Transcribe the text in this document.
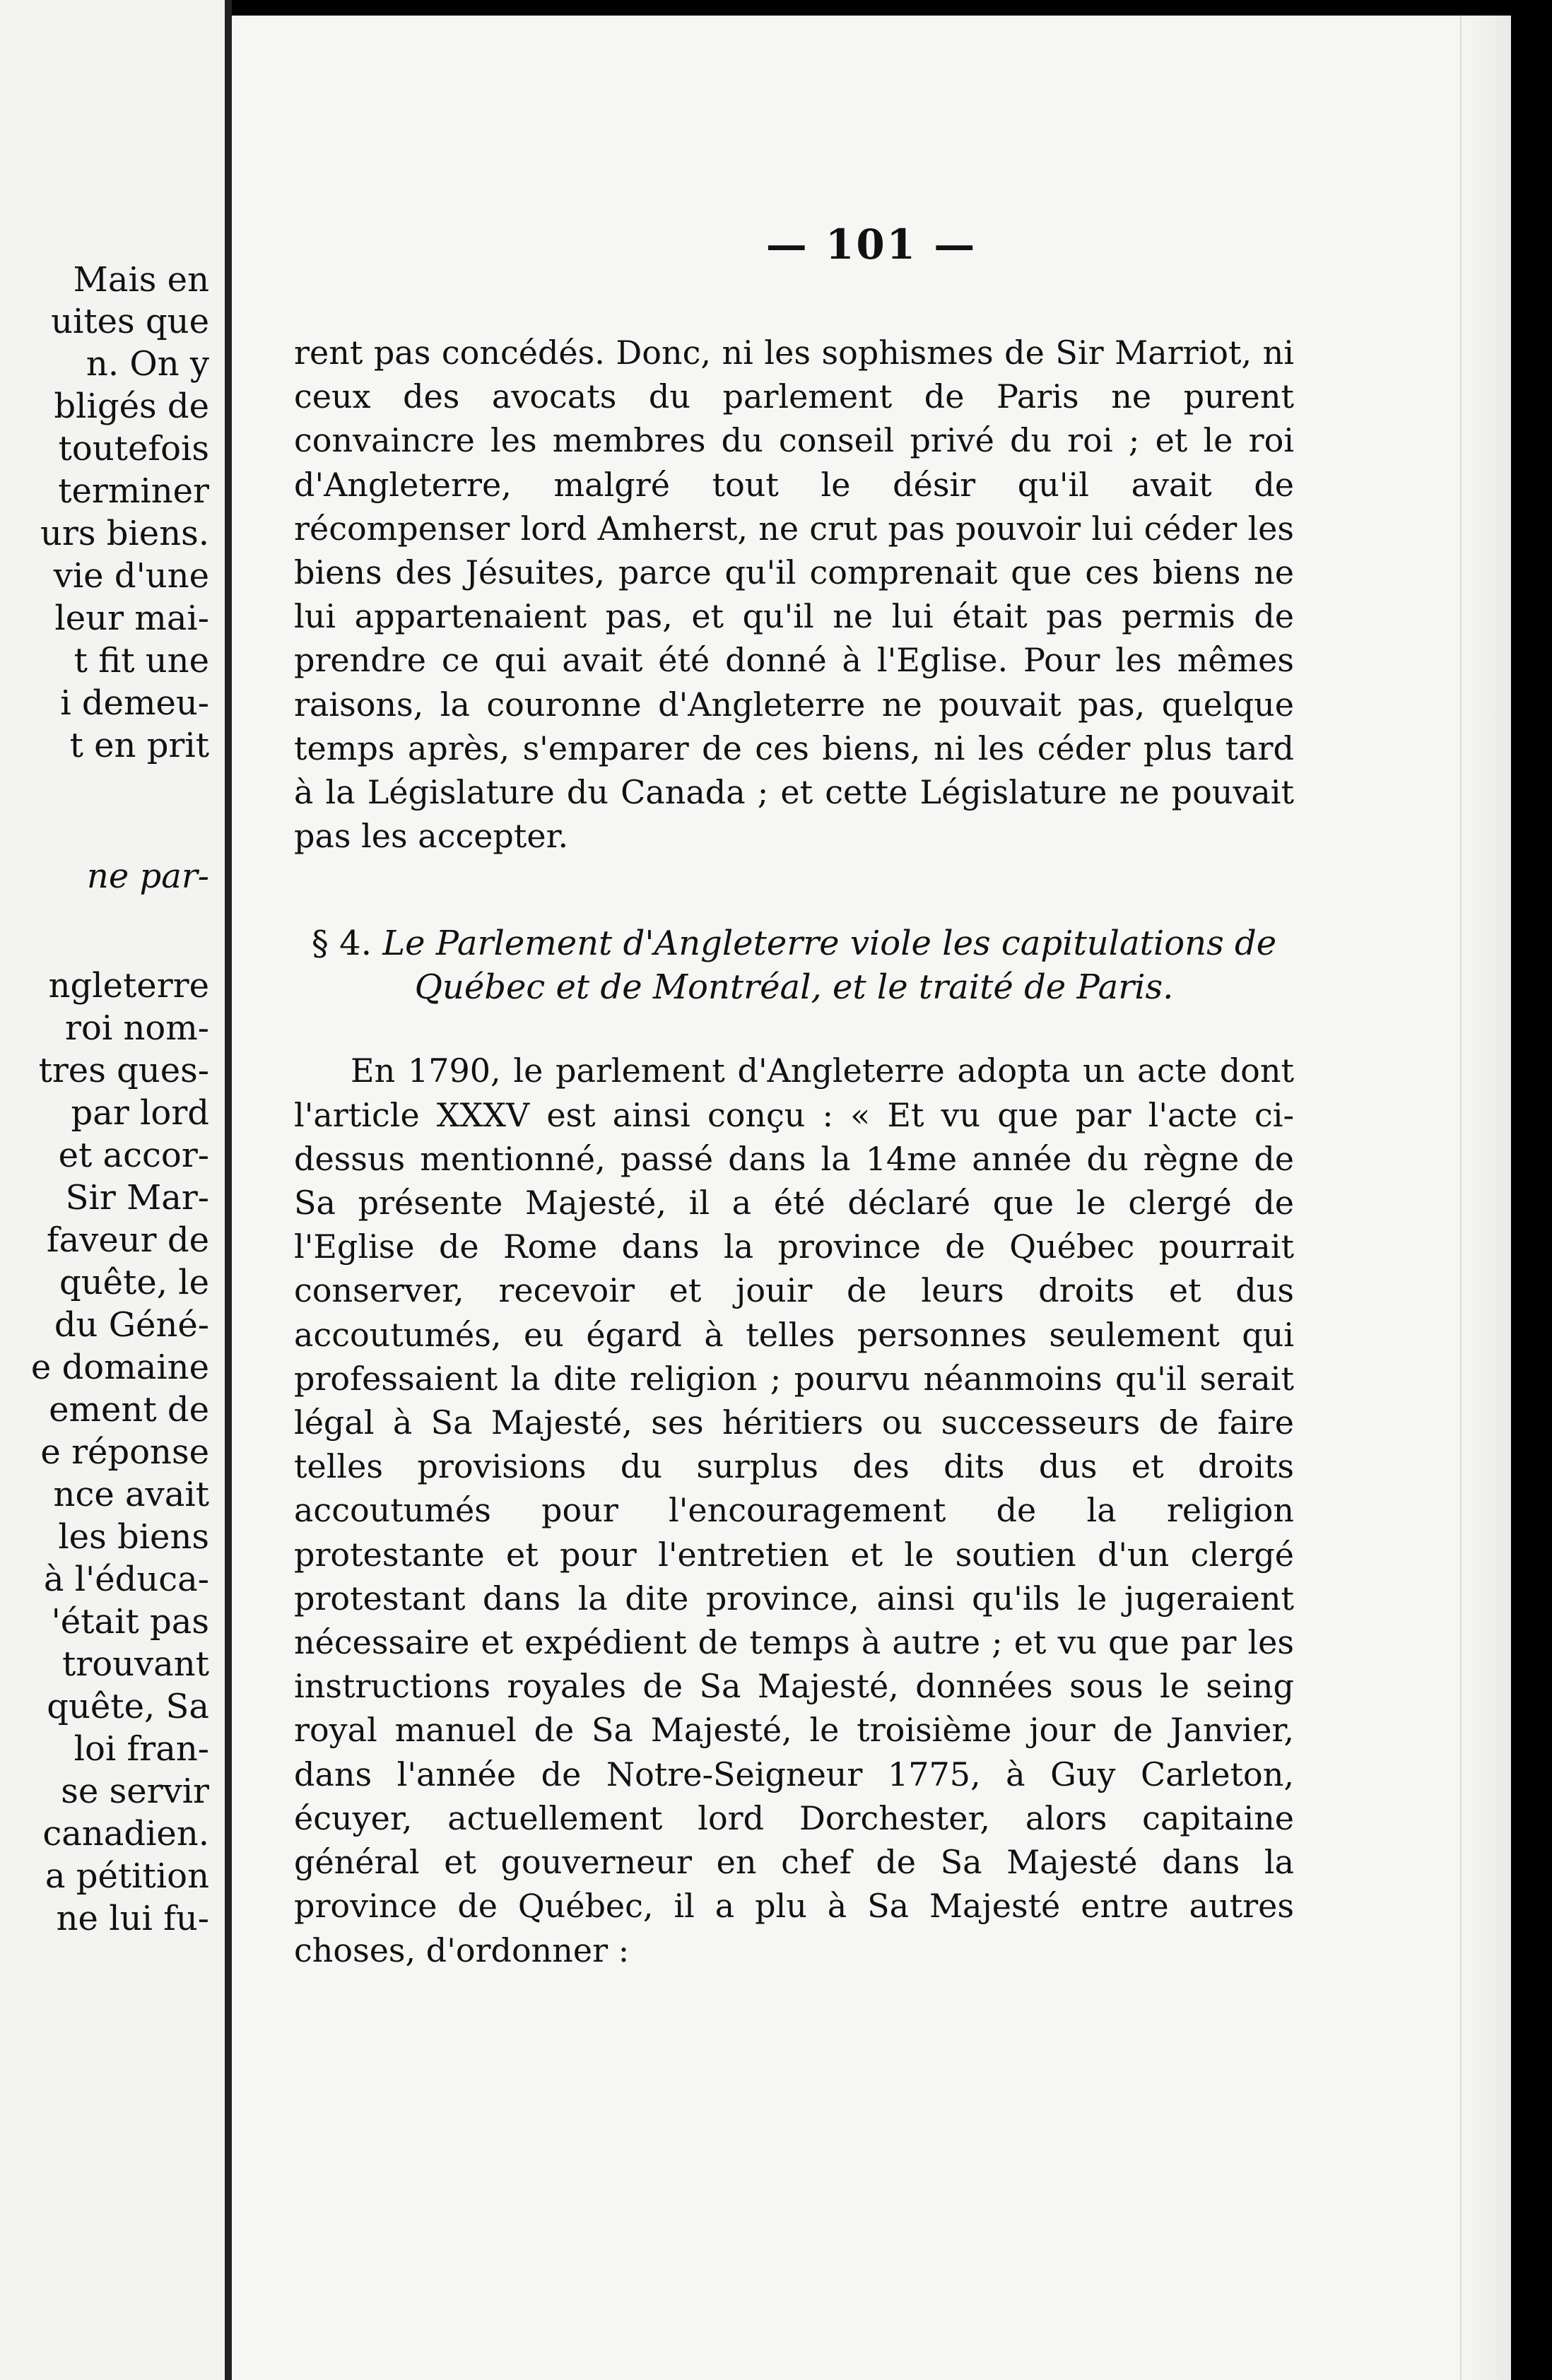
Mais en
uites que
n. On y
bligés de
toutefois
terminer
urs biens.
vie d'une
leur mai-
t fit une
i demeu-
t en prit
ne par-
ngleterre
roi nom-
tres ques-
par lord
et accor-
Sir Mar-
faveur de
quête, le
du Géné-
e domaine
ement de
e réponse
nce avait
les biens
à l'éduca-
'était pas
trouvant
quête, Sa
loi fran-
se servir
canadien.
a pétition
ne lui fu-
— 101 —

rent pas concédés. Donc, ni les sophismes de Sir Marriot, ni ceux des avocats du parlement de Paris ne purent convaincre les membres du conseil privé du roi ; et le roi d'Angleterre, malgré tout le désir qu'il avait de récompenser lord Amherst, ne crut pas pouvoir lui céder les biens des Jésuites, parce qu'il comprenait que ces biens ne lui appartenaient pas, et qu'il ne lui était pas permis de prendre ce qui avait été donné à l'Eglise. Pour les mêmes raisons, la couronne d'Angleterre ne pouvait pas, quelque temps après, s'emparer de ces biens, ni les céder plus tard à la Législature du Canada ; et cette Législature ne pouvait pas les accepter.

§ 4. Le Parlement d'Angleterre viole les capitulations de Québec et de Montréal, et le traité de Paris.

En 1790, le parlement d'Angleterre adopta un acte dont l'article XXXV est ainsi conçu : « Et vu que par l'acte ci-dessus mentionné, passé dans la 14me année du règne de Sa présente Majesté, il a été déclaré que le clergé de l'Eglise de Rome dans la province de Québec pourrait conserver, recevoir et jouir de leurs droits et dus accoutumés, eu égard à telles personnes seulement qui professaient la dite religion ; pourvu néanmoins qu'il serait légal à Sa Majesté, ses héritiers ou successeurs de faire telles provisions du surplus des dits dus et droits accoutumés pour l'encouragement de la religion protestante et pour l'entretien et le soutien d'un clergé protestant dans la dite province, ainsi qu'ils le jugeraient nécessaire et expédient de temps à autre ; et vu que par les instructions royales de Sa Majesté, données sous le seing royal manuel de Sa Majesté, le troisième jour de Janvier, dans l'année de Notre-Seigneur 1775, à Guy Carleton, écuyer, actuellement lord Dorchester, alors capitaine général et gouverneur en chef de Sa Majesté dans la province de Québec, il a plu à Sa Majesté entre autres choses, d'ordonner :
